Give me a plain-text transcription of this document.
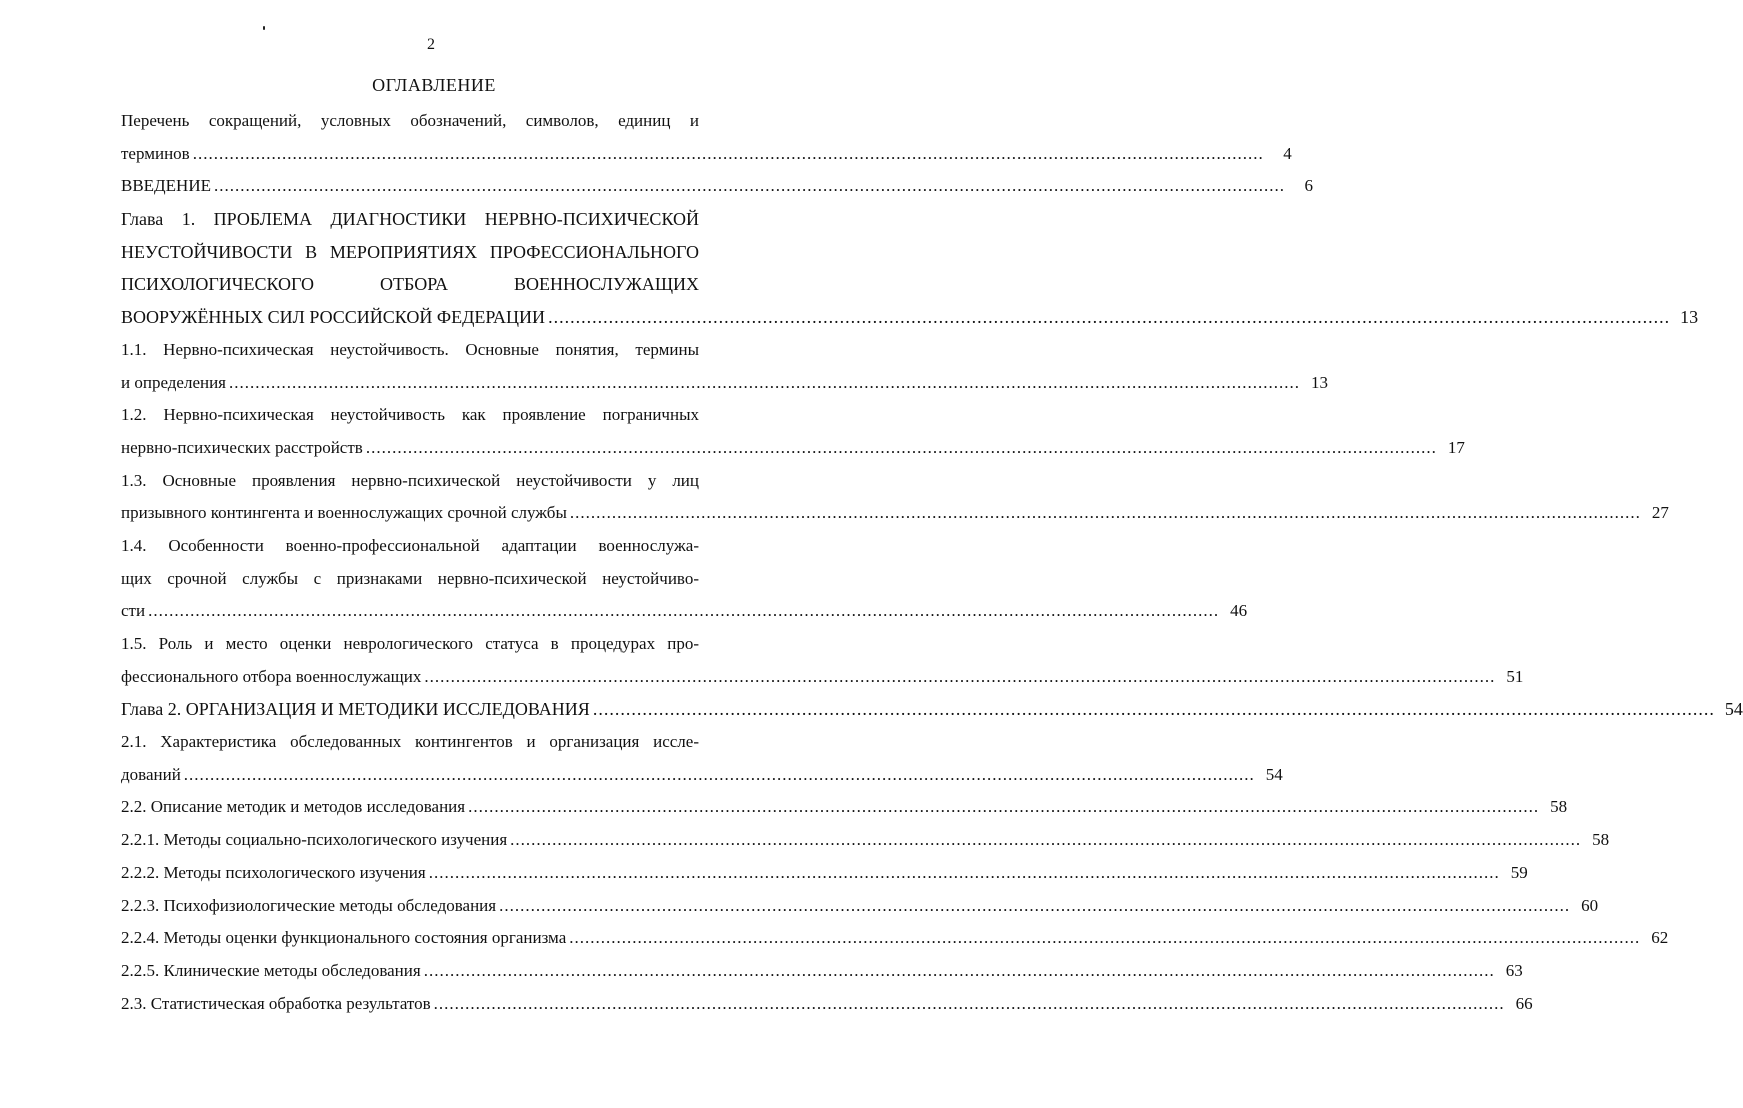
2
ОГЛАВЛЕНИЕ
Перечень сокращений, условных обозначений, символов, единиц и
терминов ............................................................................................................................................................................................................	4
ВВЕДЕНИЕ ............................................................................................................................................................................................................	6
Глава 1. ПРОБЛЕМА ДИАГНОСТИКИ НЕРВНО-ПСИХИЧЕСКОЙ
НЕУСТОЙЧИВОСТИ В МЕРОПРИЯТИЯХ ПРОФЕССИОНАЛЬНОГО
ПСИХОЛОГИЧЕСКОГО ОТБОРА ВОЕННОСЛУЖАЩИХ
ВООРУЖЁННЫХ СИЛ РОССИЙСКОЙ ФЕДЕРАЦИИ ............................................................................................................................................................................................................ 13
1.1. Нервно-психическая неустойчивость. Основные понятия, термины
и определения ............................................................................................................................................................................................................ 13
1.2. Нервно-психическая неустойчивость как проявление пограничных
нервно-психических расстройств ............................................................................................................................................................................................................ 17
1.3. Основные проявления нервно-психической неустойчивости у лиц
призывного контингента и военнослужащих срочной службы ............................................................................................................................................................................................................ 27
1.4. Особенности военно-профессиональной адаптации военнослужа-
щих срочной службы с признаками нервно-психической неустойчиво-
сти ............................................................................................................................................................................................................ 46
1.5. Роль и место оценки неврологического статуса в процедурах про-
фессионального отбора военнослужащих ............................................................................................................................................................................................................ 51
Глава 2. ОРГАНИЗАЦИЯ И МЕТОДИКИ ИССЛЕДОВАНИЯ ............................................................................................................................................................................................................ 54
2.1. Характеристика обследованных контингентов и организация иссле-
дований ............................................................................................................................................................................................................ 54
2.2. Описание методик и методов исследования ............................................................................................................................................................................................................ 58
2.2.1. Методы социально-психологического изучения ............................................................................................................................................................................................................ 58
2.2.2. Методы психологического изучения ............................................................................................................................................................................................................ 59
2.2.3. Психофизиологические методы обследования ............................................................................................................................................................................................................ 60
2.2.4. Методы оценки функционального состояния организма ............................................................................................................................................................................................................ 62
2.2.5. Клинические методы обследования ............................................................................................................................................................................................................ 63
2.3. Статистическая обработка результатов ............................................................................................................................................................................................................ 66
